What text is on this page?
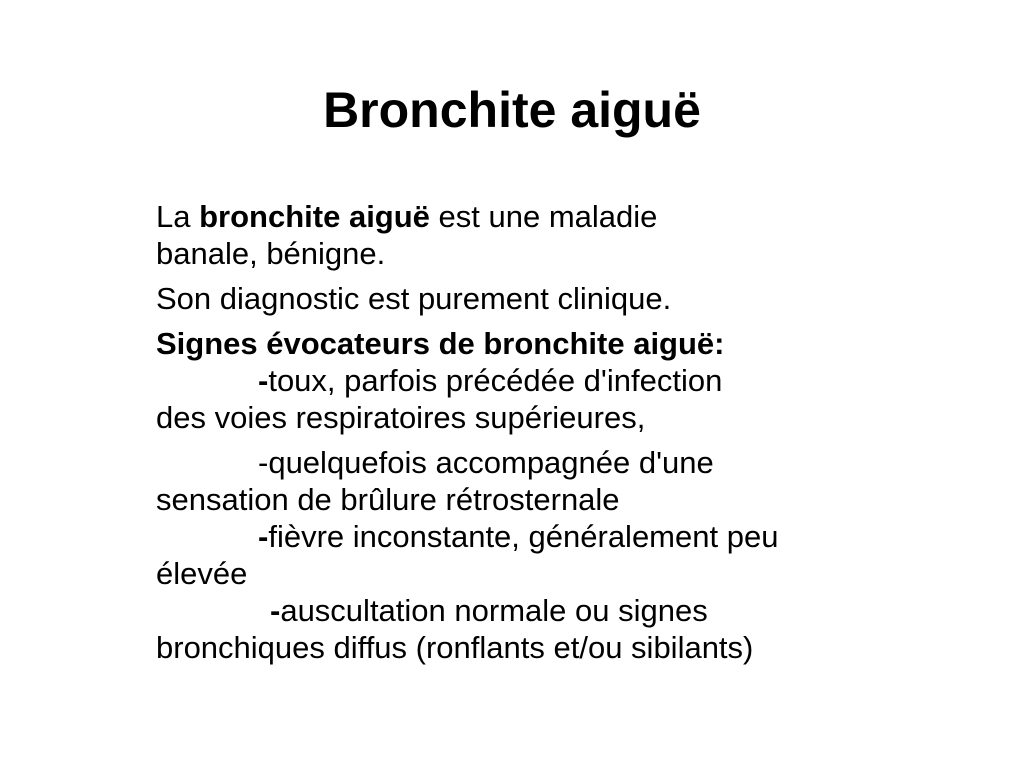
Bronchite aiguë

La bronchite aiguë est une maladie
banale, bénigne.

Son diagnostic est purement clinique.

Signes évocateurs de bronchite aiguë:
-toux, parfois précédée d'infection
des voies respiratoires supérieures,

-quelquefois accompagnée d'une
sensation de brûlure rétrosternale
-fièvre inconstante, généralement peu
élevée
-auscultation normale ou signes
bronchiques diffus (ronflants et/ou sibilants)
